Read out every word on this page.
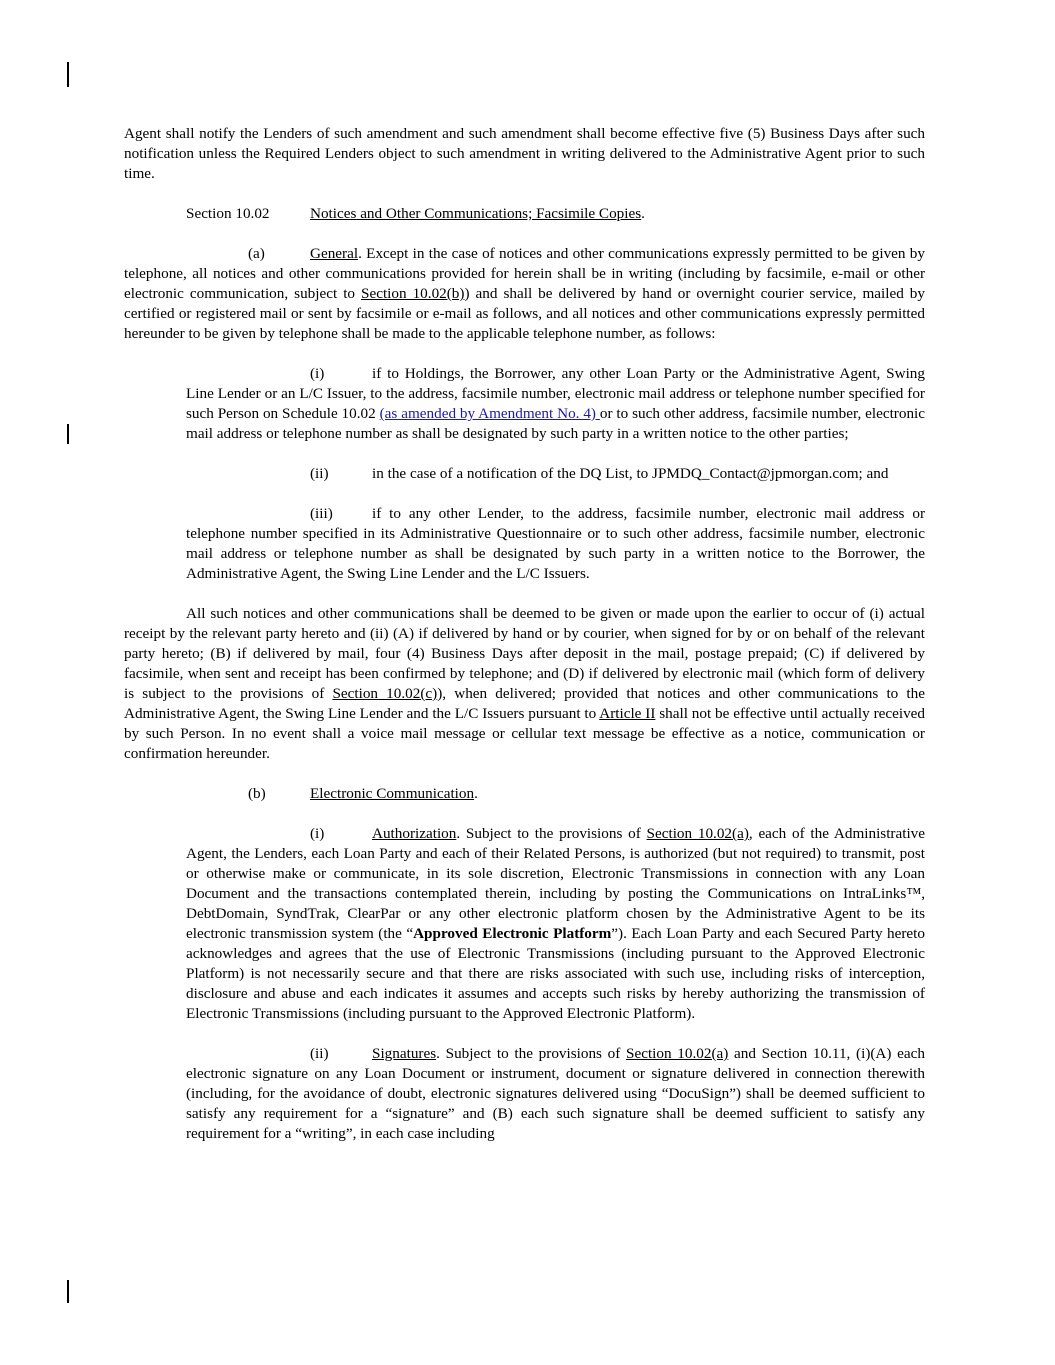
Agent shall notify the Lenders of such amendment and such amendment shall become effective five (5) Business Days after such notification unless the Required Lenders object to such amendment in writing delivered to the Administrative Agent prior to such time.

Section 10.02	Notices and Other Communications; Facsimile Copies.

(a)	General. Except in the case of notices and other communications expressly permitted to be given by telephone, all notices and other communications provided for herein shall be in writing (including by facsimile, e-mail or other electronic communication, subject to Section 10.02(b)) and shall be delivered by hand or overnight courier service, mailed by certified or registered mail or sent by facsimile or e-mail as follows, and all notices and other communications expressly permitted hereunder to be given by telephone shall be made to the applicable telephone number, as follows:

(i)	if to Holdings, the Borrower, any other Loan Party or the Administrative Agent, Swing Line Lender or an L/C Issuer, to the address, facsimile number, electronic mail address or telephone number specified for such Person on Schedule 10.02 (as amended by Amendment No. 4) or to such other address, facsimile number, electronic mail address or telephone number as shall be designated by such party in a written notice to the other parties;

(ii)	in the case of a notification of the DQ List, to JPMDQ_Contact@jpmorgan.com; and

(iii)	if to any other Lender, to the address, facsimile number, electronic mail address or telephone number specified in its Administrative Questionnaire or to such other address, facsimile number, electronic mail address or telephone number as shall be designated by such party in a written notice to the Borrower, the Administrative Agent, the Swing Line Lender and the L/C Issuers.

All such notices and other communications shall be deemed to be given or made upon the earlier to occur of (i) actual receipt by the relevant party hereto and (ii) (A) if delivered by hand or by courier, when signed for by or on behalf of the relevant party hereto; (B) if delivered by mail, four (4) Business Days after deposit in the mail, postage prepaid; (C) if delivered by facsimile, when sent and receipt has been confirmed by telephone; and (D) if delivered by electronic mail (which form of delivery is subject to the provisions of Section 10.02(c)), when delivered; provided that notices and other communications to the Administrative Agent, the Swing Line Lender and the L/C Issuers pursuant to Article II shall not be effective until actually received by such Person. In no event shall a voice mail message or cellular text message be effective as a notice, communication or confirmation hereunder.

(b)	Electronic Communication.

(i)	Authorization. Subject to the provisions of Section 10.02(a), each of the Administrative Agent, the Lenders, each Loan Party and each of their Related Persons, is authorized (but not required) to transmit, post or otherwise make or communicate, in its sole discretion, Electronic Transmissions in connection with any Loan Document and the transactions contemplated therein, including by posting the Communications on IntraLinks™, DebtDomain, SyndTrak, ClearPar or any other electronic platform chosen by the Administrative Agent to be its electronic transmission system (the “Approved Electronic Platform”). Each Loan Party and each Secured Party hereto acknowledges and agrees that the use of Electronic Transmissions (including pursuant to the Approved Electronic Platform) is not necessarily secure and that there are risks associated with such use, including risks of interception, disclosure and abuse and each indicates it assumes and accepts such risks by hereby authorizing the transmission of Electronic Transmissions (including pursuant to the Approved Electronic Platform).

(ii)	Signatures. Subject to the provisions of Section 10.02(a) and Section 10.11, (i)(A) each electronic signature on any Loan Document or instrument, document or signature delivered in connection therewith (including, for the avoidance of doubt, electronic signatures delivered using “DocuSign”) shall be deemed sufficient to satisfy any requirement for a “signature” and (B) each such signature shall be deemed sufficient to satisfy any requirement for a “writing”, in each case including
